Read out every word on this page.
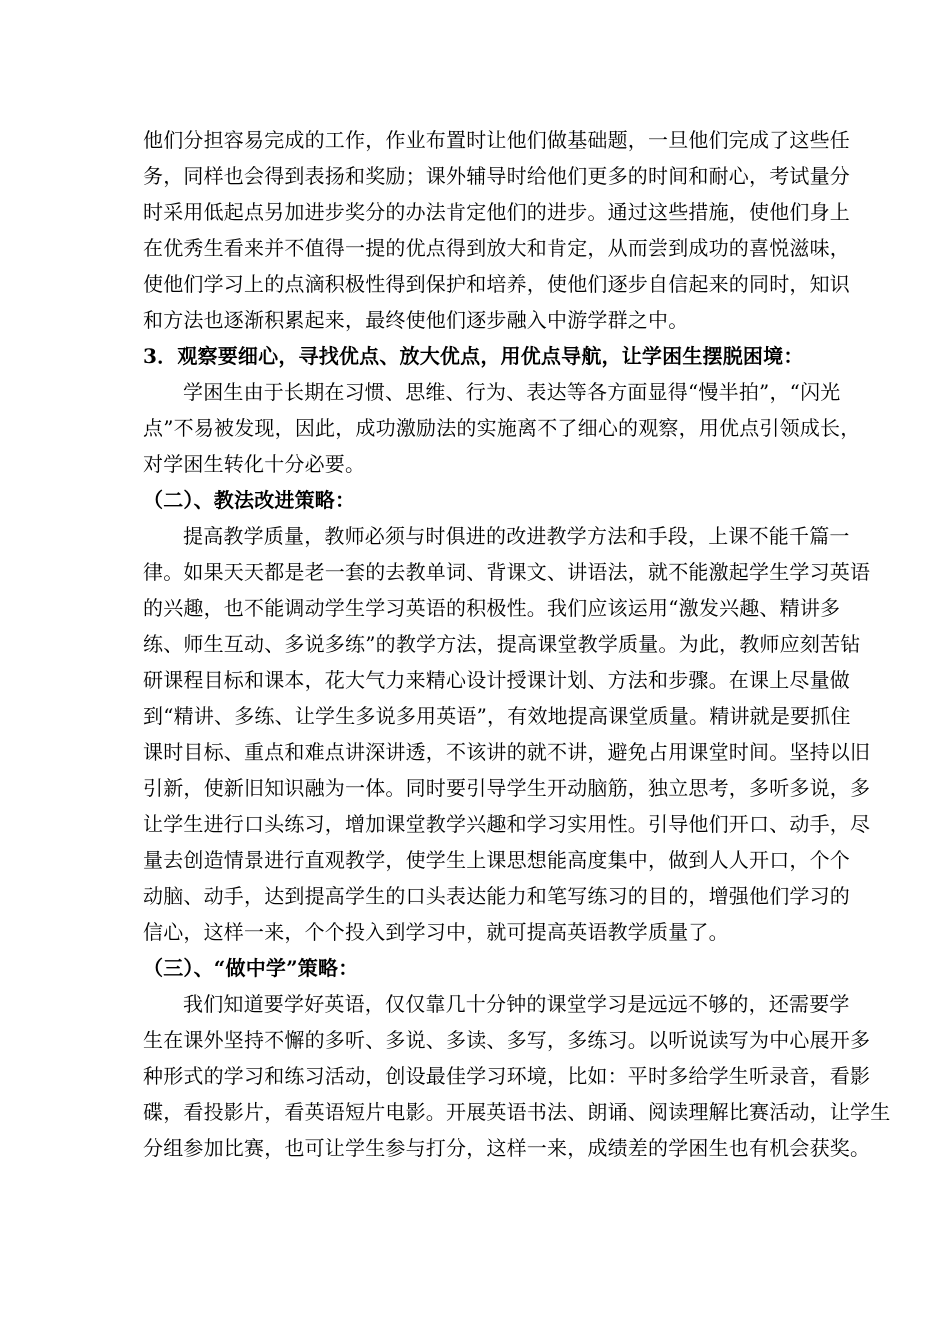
他们分担容易完成的工作，作业布置时让他们做基础题，一旦他们完成了这些任
务，同样也会得到表扬和奖励；课外辅导时给他们更多的时间和耐心，考试量分
时采用低起点另加进步奖分的办法肯定他们的进步。通过这些措施，使他们身上
在优秀生看来并不值得一提的优点得到放大和肯定，从而尝到成功的喜悦滋味，
使他们学习上的点滴积极性得到保护和培养，使他们逐步自信起来的同时，知识
和方法也逐渐积累起来，最终使他们逐步融入中游学群之中。
3．观察要细心，寻找优点、放大优点，用优点导航，让学困生摆脱困境：
学困生由于长期在习惯、思维、行为、表达等各方面显得“慢半拍”，“闪光
点”不易被发现，因此，成功激励法的实施离不了细心的观察，用优点引领成长，
对学困生转化十分必要。
（二）、教法改进策略：
提高教学质量，教师必须与时俱进的改进教学方法和手段，上课不能千篇一
律。如果天天都是老一套的去教单词、背课文、讲语法，就不能激起学生学习英语
的兴趣，也不能调动学生学习英语的积极性。我们应该运用“激发兴趣、精讲多
练、师生互动、多说多练”的教学方法，提高课堂教学质量。为此，教师应刻苦钻
研课程目标和课本，花大气力来精心设计授课计划、方法和步骤。在课上尽量做
到“精讲、多练、让学生多说多用英语”，有效地提高课堂质量。精讲就是要抓住
课时目标、重点和难点讲深讲透，不该讲的就不讲，避免占用课堂时间。坚持以旧
引新，使新旧知识融为一体。同时要引导学生开动脑筋，独立思考，多听多说，多
让学生进行口头练习，增加课堂教学兴趣和学习实用性。引导他们开口、动手，尽
量去创造情景进行直观教学，使学生上课思想能高度集中，做到人人开口，个个
动脑、动手，达到提高学生的口头表达能力和笔写练习的目的，增强他们学习的
信心，这样一来，个个投入到学习中，就可提高英语教学质量了。
（三）、“做中学”策略：
我们知道要学好英语，仅仅靠几十分钟的课堂学习是远远不够的，还需要学
生在课外坚持不懈的多听、多说、多读、多写，多练习。以听说读写为中心展开多
种形式的学习和练习活动，创设最佳学习环境，比如：平时多给学生听录音，看影
碟，看投影片，看英语短片电影。开展英语书法、朗诵、阅读理解比赛活动，让学生
分组参加比赛，也可让学生参与打分，这样一来，成绩差的学困生也有机会获奖。
